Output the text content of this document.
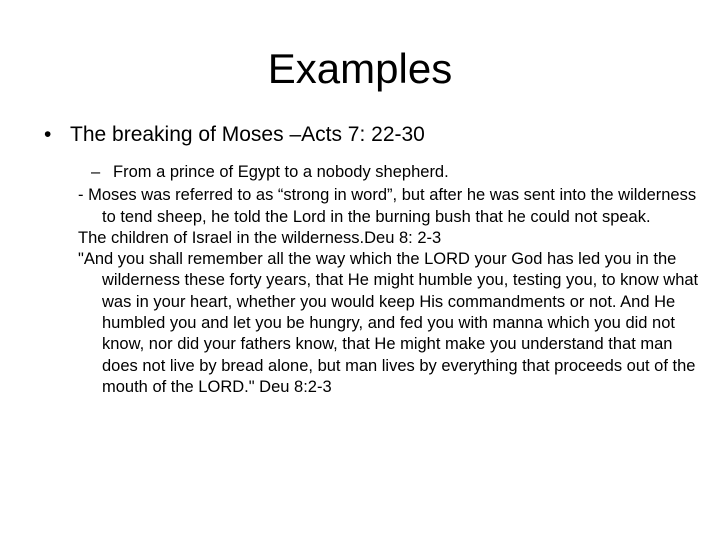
Examples
• The breaking of Moses –Acts 7: 22-30

– From a prince of Egypt to a nobody shepherd.

- Moses was referred to as “strong in word”, but after he was sent into the wilderness to tend sheep, he told the Lord in the burning bush that he could not speak.

The children of Israel in the wilderness.Deu 8: 2-3

"And you shall remember all the way which the LORD your God has led you in the wilderness these forty years, that He might humble you, testing you, to know what was in your heart, whether you would keep His commandments or not. And He humbled you and let you be hungry, and fed you with manna which you did not know, nor did your fathers know, that He might make you understand that man does not live by bread alone, but man lives by everything that proceeds out of the mouth of the LORD." Deu 8:2-3
